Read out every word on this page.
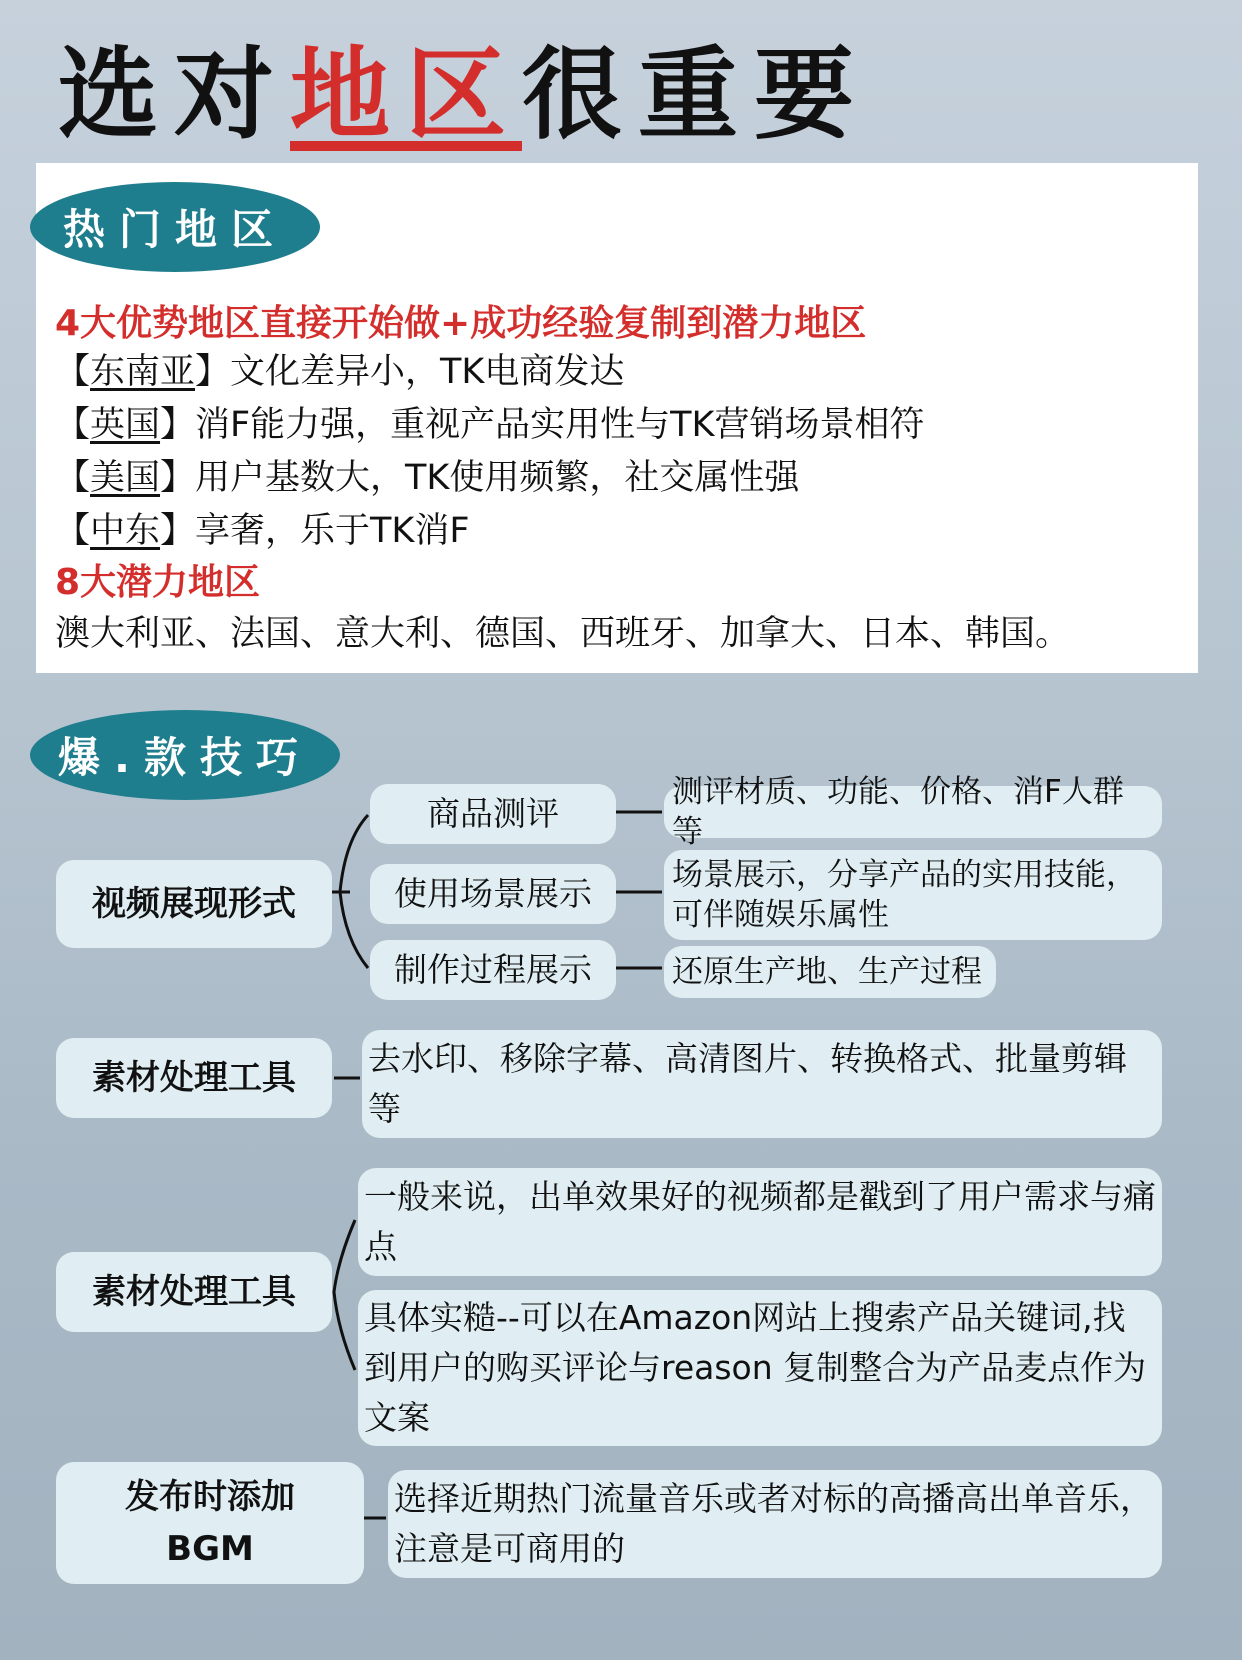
选对地区很重要
热门地区
4大优势地区直接开始做+成功经验复制到潜力地区
【东南亚】文化差异小，TK电商发达
【英国】消F能力强，重视产品实用性与TK营销场景相符
【美国】用户基数大，TK使用频繁，社交属性强
【中东】享奢，乐于TK消F
8大潜力地区
澳大利亚、法国、意大利、德国、西班牙、加拿大、日本、韩国。
爆.款技巧
视频展现形式
商品测评
使用场景展示
制作过程展示
测评材质、功能、价格、消F人群等
场景展示，分享产品的实用技能，可伴随娱乐属性
还原生产地、生产过程
素材处理工具	去水印、移除字幕、高清图片、转换格式、批量剪辑等
素材处理工具
一般来说，出单效果好的视频都是戳到了用户需求与痛点
具体实糙--可以在Amazon网站上搜索产品关键词,找到用户的购买评论与reason 复制整合为产品麦点作为文案
发布时添加BGM
选择近期热门流量音乐或者对标的高播高出单音乐，注意是可商用的
